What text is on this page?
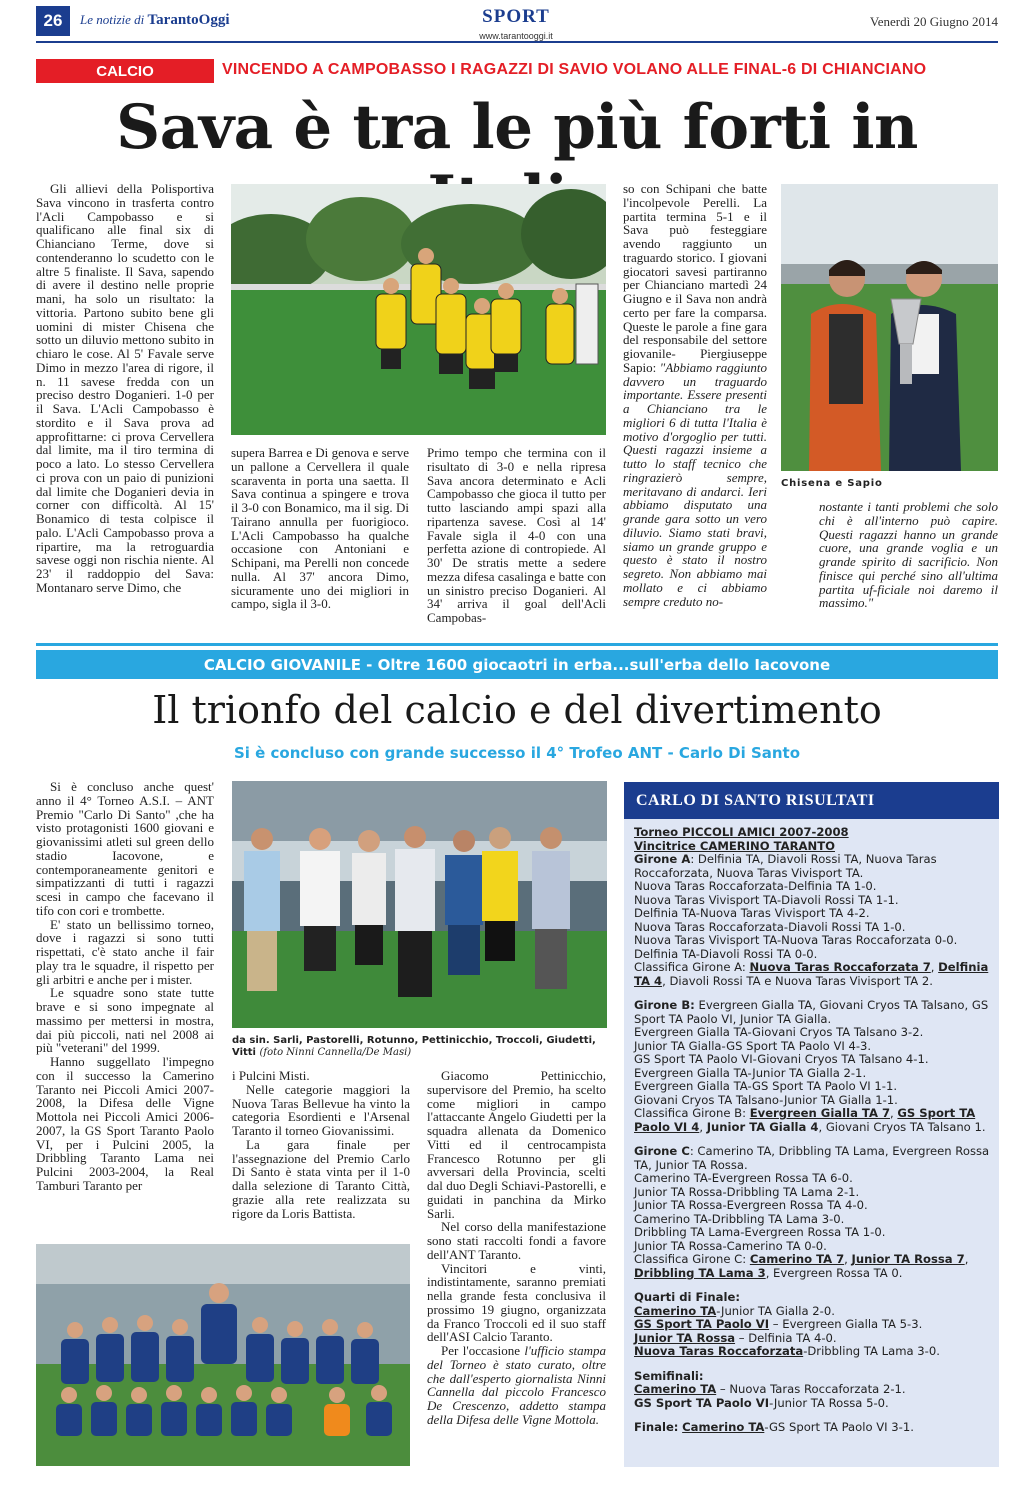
26	Le notizie di TarantoOggi	SPORT
www.tarantooggi.it
Venerdì 20 Giugno 2014
CALCIO	VINCENDO A CAMPOBASSO I RAGAZZI DI SAVIO VOLANO ALLE FINAL-6 DI CHIANCIANO
Sava è tra le più forti in

Gli allievi della Polisportiva Sava vincono in trasferta contro l'Acli Campobasso e si qualificano alle final six di Chianciano Terme, dove si contenderanno lo scudetto con le altre 5 finaliste. Il Sava, sapendo di avere il destino nelle proprie mani, ha solo un risultato: la vittoria. Partono subito bene gli uomini di mister Chisena che sotto un diluvio mettono subito in chiaro le cose. Al 5' Favale serve Dimo in mezzo l'area di rigore, il n. 11 savese fredda con un preciso destro Doganieri. 1-0 per il Sava. L'Acli Campobasso è stordito e il Sava prova ad approfittarne: ci prova Cervellera dal limite, ma il tiro termina di poco a lato. Lo stesso Cervellera ci prova con un paio di punizioni dal limite che Doganieri devia in corner con difficoltà. Al 15' Bonamico di testa colpisce il palo. L'Acli Campobasso prova a ripartire, ma la retroguardia savese oggi non rischia niente. Al 23' il raddoppio del Sava: Montanaro serve Dimo, che

supera Barrea e Di genova e serve un pallone a Cervellera il quale scaraventa in porta una saetta. Il Sava continua a spingere e trova il 3-0 con Bonamico, ma il sig. Di Tairano annulla per fuorigioco. L'Acli Campobasso ha qualche occasione con Antoniani e Schipani, ma Perelli non concede nulla. Al 37' ancora Dimo, sicuramente uno dei migliori in campo, sigla il 3-0.

Primo tempo che termina con il risultato di 3-0 e nella ripresa Sava ancora determinato e Acli Campobasso che gioca il tutto per tutto lasciando ampi spazi alla ripartenza savese. Così al 14' Favale sigla il 4-0 con una perfetta azione di contropiede. Al 30' De stratis mette a sedere mezza difesa casalinga e batte con un sinistro preciso Doganieri. Al 34' arriva il goal dell'Acli Campobas-

so con Schipani che batte l'incolpevole Perelli. La partita termina 5-1 e il Sava può festeggiare avendo raggiunto un traguardo storico. I giovani giocatori savesi partiranno per Chianciano martedì 24 Giugno e il Sava non andrà certo per fare la comparsa. Queste le parole a fine gara del responsabile del settore giovanile- Piergiuseppe Sapio: "Abbiamo raggiunto davvero un traguardo importante. Essere presenti a Chianciano tra le migliori 6 di tutta l'Italia è motivo d'orgoglio per tutti. Questi ragazzi insieme a tutto lo staff tecnico che ringrazierò sempre, meritavano di andarci. Ieri abbiamo disputato una grande gara sotto un vero diluvio. Siamo stati bravi, siamo un grande gruppo e questo è stato il nostro segreto. Non abbiamo mai mollato e ci abbiamo sempre creduto no-

Chisena e Sapio

nostante i tanti problemi che solo chi è all'interno può capire. Questi ragazzi hanno un grande cuore, una grande voglia e un grande spirito di sacrificio. Non finisce qui perché sino all'ultima partita uf-ficiale noi daremo il massimo."

CALCIO GIOVANILE - Oltre 1600 giocaotri in erba...sull'erba dello Iacovone
Il trionfo del calcio e del divertimento
Si è concluso con grande successo il 4° Trofeo ANT - Carlo Di Santo

Si è concluso anche quest' anno il 4° Torneo A.S.I. – ANT Premio "Carlo Di Santo" ,che ha visto protagonisti 1600 giovani e giovanissimi atleti sul green dello stadio Iacovone, e contemporaneamente genitori e simpatizzanti di tutti i ragazzi scesi in campo che facevano il tifo con cori e trombette.

E' stato un bellissimo torneo, dove i ragazzi si sono tutti rispettati, c'è stato anche il fair play tra le squadre, il rispetto per gli arbitri e anche per i mister.

Le squadre sono state tutte brave e si sono impegnate al massimo per mettersi in mostra, dai più piccoli, nati nel 2008 ai più "veterani" del 1999.

Hanno suggellato l'impegno con il successo la Camerino Taranto nei Piccoli Amici 2007-2008, la Difesa delle Vigne Mottola nei Piccoli Amici 2006-2007, la GS Sport Taranto Paolo VI, per i Pulcini 2005, la Dribbling Taranto Lama nei Pulcini 2003-2004, la Real Tamburi Taranto per

da sin. Sarli, Pastorelli, Rotunno, Pettinicchio, Troccoli, Giudetti, Vitti (foto Ninni Cannella/De Masi)

i Pulcini Misti.

Nelle categorie maggiori la Nuova Taras Bellevue ha vinto la categoria Esordienti e l'Arsenal Taranto il torneo Giovanissimi.

La gara finale per l'assegnazione del Premio Carlo Di Santo è stata vinta per il 1-0 dalla selezione di Taranto Città, grazie alla rete realizzata su rigore da Loris Battista.

Giacomo Pettinicchio, supervisore del Premio, ha scelto come migliori in campo l'attaccante Angelo Giudetti per la squadra allenata da Domenico Vitti ed il centrocampista Francesco Rotunno per gli avversari della Provincia, scelti dal duo Degli Schiavi-Pastorelli, e guidati in panchina da Mirko Sarli.

Nel corso della manifestazione sono stati raccolti fondi a favore dell'ANT Taranto.

Vincitori e vinti, indistintamente, saranno premiati nella grande festa conclusiva il prossimo 19 giugno, organizzata da Franco Troccoli ed il suo staff dell'ASI Calcio Taranto.

Per l'occasione l'ufficio stampa del Torneo è stato curato, oltre che dall'esperto giornalista Ninni Cannella dal piccolo Francesco De Crescenzo, addetto stampa della Difesa delle Vigne Mottola.

CARLO DI SANTO RISULTATI
Torneo PICCOLI AMICI 2007-2008
Vincitrice CAMERINO TARANTO
Girone A: Delfinia TA, Diavoli Rossi TA, Nuova Taras Roccaforzata, Nuova Taras Vivisport TA.
Nuova Taras Roccaforzata-Delfinia TA 1-0.
Nuova Taras Vivisport TA-Diavoli Rossi TA 1-1.
Delfinia TA-Nuova Taras Vivisport TA 4-2.
Nuova Taras Roccaforzata-Diavoli Rossi TA 1-0.
Nuova Taras Vivisport TA-Nuova Taras Roccaforzata 0-0.
Delfinia TA-Diavoli Rossi TA 0-0.
Classifica Girone A: Nuova Taras Roccaforzata 7, Delfinia TA 4, Diavoli Rossi TA e Nuova Taras Vivisport TA 2.
Girone B: Evergreen Gialla TA, Giovani Cryos TA Talsano, GS Sport TA Paolo VI, Junior TA Gialla.
Evergreen Gialla TA-Giovani Cryos TA Talsano 3-2.
Junior TA Gialla-GS Sport TA Paolo VI 4-3.
GS Sport TA Paolo VI-Giovani Cryos TA Talsano 4-1.
Evergreen Gialla TA-Junior TA Gialla 2-1.
Evergreen Gialla TA-GS Sport TA Paolo VI 1-1.
Giovani Cryos TA Talsano-Junior TA Gialla 1-1.
Classifica Girone B: Evergreen Gialla TA 7, GS Sport TA Paolo VI 4, Junior TA Gialla 4, Giovani Cryos TA Talsano 1.
Girone C: Camerino TA, Dribbling TA Lama, Evergreen Rossa TA, Junior TA Rossa.
Camerino TA-Evergreen Rossa TA 6-0.
Junior TA Rossa-Dribbling TA Lama 2-1.
Junior TA Rossa-Evergreen Rossa TA 4-0.
Camerino TA-Dribbling TA Lama 3-0.
Dribbling TA Lama-Evergreen Rossa TA 1-0.
Junior TA Rossa-Camerino TA 0-0.
Classifica Girone C: Camerino TA 7, Junior TA Rossa 7, Dribbling TA Lama 3, Evergreen Rossa TA 0.
Quarti di Finale:
Camerino TA-Junior TA Gialla 2-0.
GS Sport TA Paolo VI – Evergreen Gialla TA 5-3.
Junior TA Rossa – Delfinia TA 4-0.
Nuova Taras Roccaforzata-Dribbling TA Lama 3-0.
Semifinali:
Camerino TA – Nuova Taras Roccaforzata 2-1.
GS Sport TA Paolo VI-Junior TA Rossa 5-0.
Finale: Camerino TA-GS Sport TA Paolo VI 3-1.
